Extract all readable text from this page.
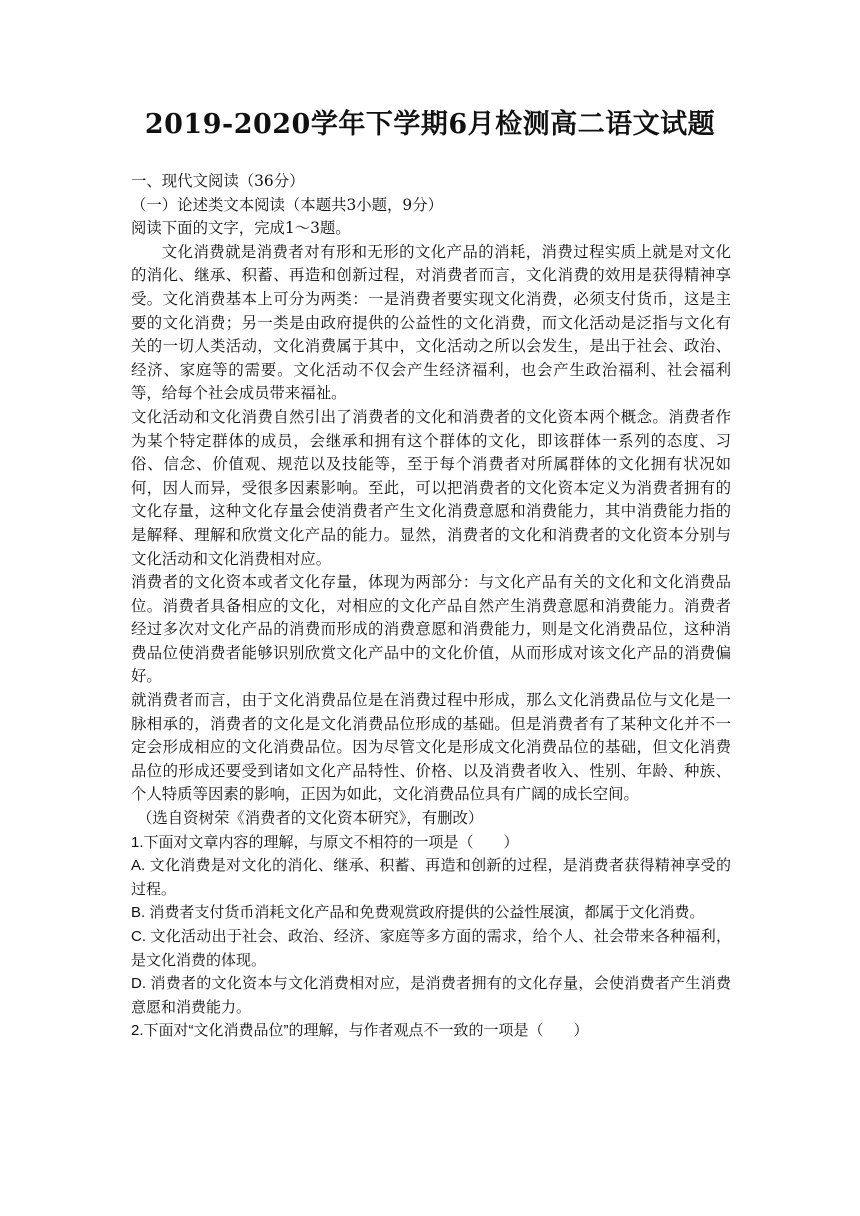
2019-2020学年下学期6月检测高二语文试题

一、现代文阅读（36分）

（一）论述类文本阅读（本题共3小题，9分）

阅读下面的文字，完成1～3题。

文化消费就是消费者对有形和无形的文化产品的消耗，消费过程实质上就是对文化的消化、继承、积蓄、再造和创新过程，对消费者而言，文化消费的效用是获得精神享受。文化消费基本上可分为两类：一是消费者要实现文化消费，必须支付货币，这是主要的文化消费；另一类是由政府提供的公益性的文化消费，而文化活动是泛指与文化有关的一切人类活动，文化消费属于其中，文化活动之所以会发生，是出于社会、政治、经济、家庭等的需要。文化活动不仅会产生经济福利，也会产生政治福利、社会福利等，给每个社会成员带来福祉。

文化活动和文化消费自然引出了消费者的文化和消费者的文化资本两个概念。消费者作为某个特定群体的成员，会继承和拥有这个群体的文化，即该群体一系列的态度、习俗、信念、价值观、规范以及技能等，至于每个消费者对所属群体的文化拥有状况如何，因人而异，受很多因素影响。至此，可以把消费者的文化资本定义为消费者拥有的文化存量，这种文化存量会使消费者产生文化消费意愿和消费能力，其中消费能力指的是解释、理解和欣赏文化产品的能力。显然，消费者的文化和消费者的文化资本分别与文化活动和文化消费相对应。

消费者的文化资本或者文化存量，体现为两部分：与文化产品有关的文化和文化消费品位。消费者具备相应的文化，对相应的文化产品自然产生消费意愿和消费能力。消费者经过多次对文化产品的消费而形成的消费意愿和消费能力，则是文化消费品位，这种消费品位使消费者能够识别欣赏文化产品中的文化价值，从而形成对该文化产品的消费偏好。

就消费者而言，由于文化消费品位是在消费过程中形成，那么文化消费品位与文化是一脉相承的，消费者的文化是文化消费品位形成的基础。但是消费者有了某种文化并不一定会形成相应的文化消费品位。因为尽管文化是形成文化消费品位的基础，但文化消费品位的形成还要受到诸如文化产品特性、价格、以及消费者收入、性别、年龄、种族、个人特质等因素的影响，正因为如此，文化消费品位具有广阔的成长空间。

（选自资树荣《消费者的文化资本研究》，有删改）

1.下面对文章内容的理解，与原文不相符的一项是（　　）

A. 文化消费是对文化的消化、继承、积蓄、再造和创新的过程，是消费者获得精神享受的过程。

B. 消费者支付货币消耗文化产品和免费观赏政府提供的公益性展演，都属于文化消费。

C. 文化活动出于社会、政治、经济、家庭等多方面的需求，给个人、社会带来各种福利，是文化消费的体现。

D. 消费者的文化资本与文化消费相对应，是消费者拥有的文化存量，会使消费者产生消费意愿和消费能力。

2.下面对“文化消费品位”的理解，与作者观点不一致的一项是（　　）
